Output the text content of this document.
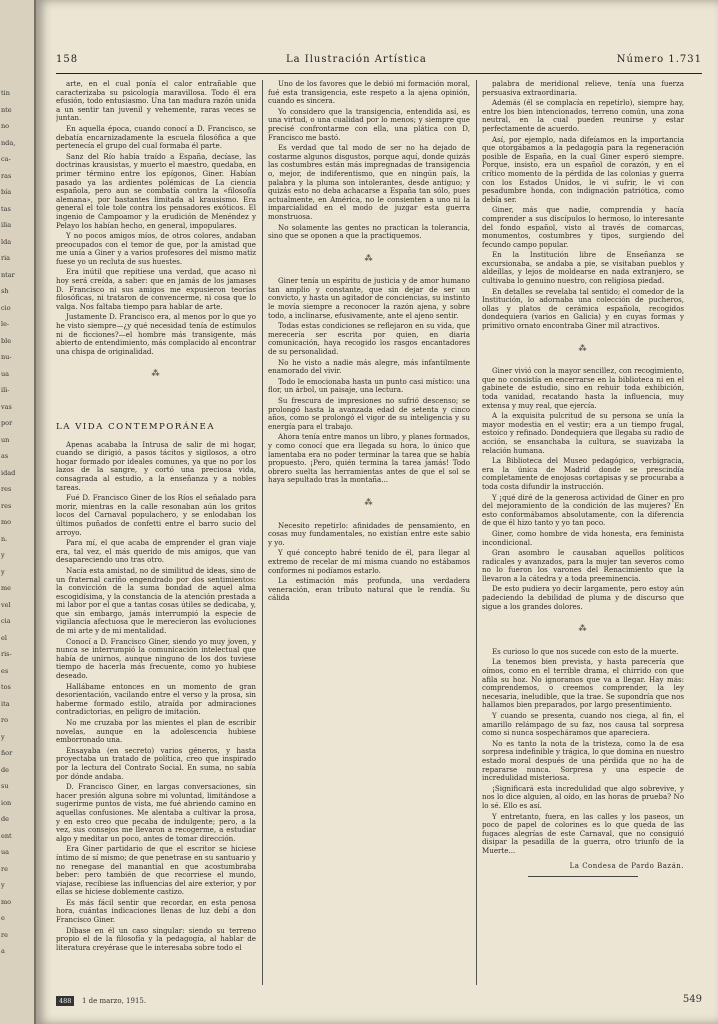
tin
nte
no
nda,
ca-
ras
bía
tas
ilia
lda
ria
ntar
sh
cio
le-
ble
nu-
ua
ili-
vas
por
un
as
idad
res
res
mo
n.
y
y
me
vel
cia
el
ris-
es
tos
ita
ro
y
ñor
de
su
ion
de
ent
ua
re
y
mo
e
re
a
158	La Ilustración Artística	Número 1.731

arte, en el cual ponía el calor entrañable que caracterizaba su psicología maravillosa. Todo él era efusión, todo entusiasmo. Una tan madura razón unida a un sentir tan juvenil y vehemente, raras veces se juntan.

En aquella época, cuando conocí a D. Francisco, se debatía encarnizadamente la escuela filosófica a que pertenecía el grupo del cual formaba él parte.

Sanz del Río había traído a España, decíase, las doctrinas krausistas, y muerto el maestro, quedaba, en primer término entre los epígonos, Giner. Habían pasado ya las ardientes polémicas de La ciencia española, pero aun se combatía contra la «filosofía alemana», por bastantes limitada al krausismo. Era general el tole tole contra los pensadores exóticos. El ingenio de Campoamor y la erudición de Menéndez y Pelayo los habían hecho, en general, impopulares.

Y no pocos amigos míos, de otros colores, andaban preocupados con el temor de que, por la amistad que me unía a Giner y a varios profesores del mismo matiz fuese yo un recluta de sus huestes.

Era inútil que repitiese una verdad, que acaso ni hoy será creída, a saber: que en jamás de los jamases D. Francisco ni sus amigos me expusieron teorías filosóficas, ni trataron de convencerme, ni cosa que lo valga. Nos faltaba tiempo para hablar de arte.

Justamente D. Francisco era, al menos por lo que yo he visto siempre—¿y qué necesidad tenía de estímulos ni de ficciones?—el hombre más transigente, más abierto de entendimiento, más complacido al encontrar una chispa de originalidad.

⁂
LA VIDA CONTEMPORÁNEA

Apenas acababa la Intrusa de salir de mi hogar, cuando se dirigió, a pasos tácitos y sigilosos, a otro hogar formado por ideales comunes, ya que no por los lazos de la sangre, y cortó una preciosa vida, consagrada al estudio, a la enseñanza y a nobles tareas.

Fué D. Francisco Giner de los Ríos el señalado para morir, mientras en la calle resonaban aún los gritos locos del Carnaval populachero, y se enlodaban los últimos puñados de confetti entre el barro sucio del arroyo.

Para mí, el que acaba de emprender el gran viaje era, tal vez, el más querido de mis amigos, que van desapareciendo uno tras otro.

Nacía esta amistad, no de similitud de ideas, sino de un fraternal cariño engendrado por dos sentimientos: la convicción de la suma bondad de aquel alma escogidísima, y la constancia de la atención prestada a mi labor por el que a tantas cosas útiles se dedicaba, y, que sin embargo, jamás interrumpió la especie de vigilancia afectuosa que le merecieron las evoluciones de mi arte y de mi mentalidad.

Conocí a D. Francisco Giner, siendo yo muy joven, y nunca se interrumpió la comunicación intelectual que había de unirnos, aunque ninguno de los dos tuviese tiempo de hacerla más frecuente, como yo hubiese deseado.

Hallábame entonces en un momento de gran desorientación, vacilando entre el verso y la prosa, sin haberme formado estilo, atraída por admiraciones contradictorias, en peligro de imitación.

No me cruzaba por las mientes el plan de escribir novelas, aunque en la adolescencia hubiese emborronado una.

Ensayaba (en secreto) varios géneros, y hasta proyectaba un tratado de política, creo que inspirado por la lectura del Contrato Social. En suma, no sabía por dónde andaba.

D. Francisco Giner, en largas conversaciones, sin hacer presión alguna sobre mi voluntad, limitándose a sugerirme puntos de vista, me fué abriendo camino en aquellas confusiones. Me alentaba a cultivar la prosa, y en esto creo que pecaba de indulgente; pero, a la vez, sus consejos me llevaron a recogerme, a estudiar algo y meditar un poco, antes de tomar dirección.

Era Giner partidario de que el escritor se hiciese íntimo de sí mismo; de que penetrase en su santuario y no renegase del manantial en que acostumbraba beber: pero también de que recorriese el mundo, viajase, recibiese las influencias del aire exterior, y por ellas se hiciese doblemente castizo.

Es más fácil sentir que recordar, en esta penosa hora, cuántas indicaciones llenas de luz debí a don Francisco Giner.

Díbase en él un caso singular: siendo su terreno propio el de la filosofía y la pedagogía, al hablar de literatura creyérase que le interesaba sobre todo el

Uno de los favores que le debió mi formación moral, fué esta transigencia, este respeto a la ajena opinión, cuando es sincera.

Yo considero que la transigencia, entendida así, es una virtud, o una cualidad por lo menos; y siempre que precisé confrontarme con ella, una plática con D, Francisco me bastó.

Es verdad que tal modo de ser no ha dejado de costarme algunos disgustos, porque aquí, donde quizás las costumbres están más impregnadas de transigencia o, mejor, de indiferentismo, que en ningún país, la palabra y la pluma son intolerantes, desde antiguo; y quizás esto no deba achacarse a España tan sólo, pues actualmente, en América, no le consienten a uno ni la imparcialidad en el modo de juzgar esta guerra monstruosa.

No solamente las gentes no practican la tolerancia, sino que se oponen a que la practiquemos.

⁂

Giner tenía un espíritu de justicia y de amor humano tan amplio y constante, que sin dejar de ser un convicto, y hasta un agitador de conciencias, su instinto le movía siempre a reconocer la razón ajena, y sobre todo, a inclinarse, efusivamente, ante el ajeno sentir.

Todas estas condiciones se reflejaron en su vida, que merecería ser escrita por quien, en diaria comunicación, haya recogido los rasgos encantadores de su personalidad.

No he visto a nadie más alegre, más infantilmente enamorado del vivir.

Todo le emocionaba hasta un punto casi místico: una flor, un árbol, un paisaje, una lectura.

Su frescura de impresiones no sufrió descenso; se prolongó hasta la avanzada edad de setenta y cinco años, como se prolongó el vigor de su inteligencia y su energía para el trabajo.

Ahora tenía entre manos un libro, y planes formados, y como conocí que era llegada su hora, lo único que lamentaba era no poder terminar la tarea que se había propuesto. ¡Pero, quién termina la tarea jamás! Todo obrero suelta las herramientas antes de que el sol se haya sepultado tras la montaña...

⁂

Necesito repetirlo: afinidades de pensamiento, en cosas muy fundamentales, no existían entre este sabio y yo.

Y qué concepto habré tenido de él, para llegar al extremo de recelar de mí misma cuando no estábamos conformes ni podíamos estarlo.

La estimación más profunda, una verdadera veneración, eran tributo natural que le rendía. Su cálida

palabra de meridional relieve, tenía una fuerza persuasiva extraordinaria.

Además (él se complacía en repetirlo), siempre hay, entre los bien intencionados, terreno común, una zona neutral, en la cual pueden reunirse y estar perfectamente de acuerdo.

Así, por ejemplo, nada difeíamos en la importancia que otorgábamos a la pedagogía para la regeneración posible de España, en la cual Giner esperó siempre. Porque, insisto, era un español de corazón, y en el crítico momento de la pérdida de las colonias y guerra con los Estados Unidos, le vi sufrir, le vi con pesadumbre honda, con indignación patriótica, como debía ser.

Giner, más que nadie, comprendía y hacía comprender a sus discípulos lo hermoso, lo interesante del fondo español, visto al través de comarcas, monumentos, costumbres y tipos, surgiendo del fecundo campo popular.

En la Institución libre de Enseñanza se excursionaba, se andaba a pie, se visitaban pueblos y aldeíllas, y lejos de moldearse en nada extranjero, se cultivaba lo genuino nuestro, con religiosa piedad.

En detalles se revelaba tal sentido; el comedor de la Institución, lo adornaba una colección de pucheros, ollas y platos de cerámica española, recogidos dondequiera (varios en Galicia) y en cuyas formas y primitivo ornato encontraba Giner mil atractivos.

⁂

Giner vivió con la mayor sencillez, con recogimiento, que no consistía en encerrarse en la biblioteca ni en el gabinete de estudio, sino en rehuir toda exhibición, toda vanidad, recatando hasta la influencia, muy extensa y muy real, que ejercía.

A la exquisita pulcritud de su persona se unía la mayor modestia en el vestir; era a un tiempo frugal, estoico y refinado. Dondequiera que llegaba su radio de acción, se ensanchaba la cultura, se suavizaba la relación humana.

La Biblioteca del Museo pedagógico, verbigracia, era la única de Madrid donde se prescindía completamente de enojosas cortapisas y se procuraba a toda costa difundir la instrucción.

Y ¡qué diré de la generosa actividad de Giner en pro del mejoramiento de la condición de las mujeres? En esto conformábamos absolutamente, con la diferencia de que él hizo tanto y yo tan poco.

Giner, como hombre de vida honesta, era feminista incondicional.

Gran asombro le causaban aquellos políticos radicales y avanzados, para la mujer tan severos como no lo fueron los varones del Renacimiento que la llevaron a la cátedra y a toda preeminencia.

De esto pudiera yo decir largamente, pero estoy aún padeciendo la debilidad de pluma y de discurso que sigue a los grandes dolores.

⁂

Es curioso lo que nos sucede con esto de la muerte.

La tenemos bien prevista, y hasta parecería que oímos, como en el terrible drama, el chirrido con que afila su hoz. No ignoramos que va a llegar. Hay más: comprendemos, o creemos comprender, la ley necesaria, ineludible, que la trae. Se supondría que nos hallamos bien preparados, por largo presentimiento.

Y cuando se presenta, cuando nos ciega, al fin, el amarillo relámpago de su faz, nos causa tal sorpresa como si nunca sospecháramos que apareciera.

No es tanto la nota de la tristeza, como la de esa sorpresa indefinible y trágica, lo que domina en nuestro estado moral después de una pérdida que no ha de repararse nunca. Sorpresa y una especie de incredulidad misteriosa.

¡Significará esta incredulidad que algo sobrevive, y nos lo dice alguien, al oído, en las horas de prueba? No lo sé. Ello es así.

Y entretanto, fuera, en las calles y los paseos, un poco de papel de colorines es lo que queda de las fugaces alegrías de este Carnaval, que no consiguió disipar la pesadilla de la guerra, otro triunfo de la Muerte...

La Condesa de Pardo Bazán.
488	1 de marzo, 1915.	549
